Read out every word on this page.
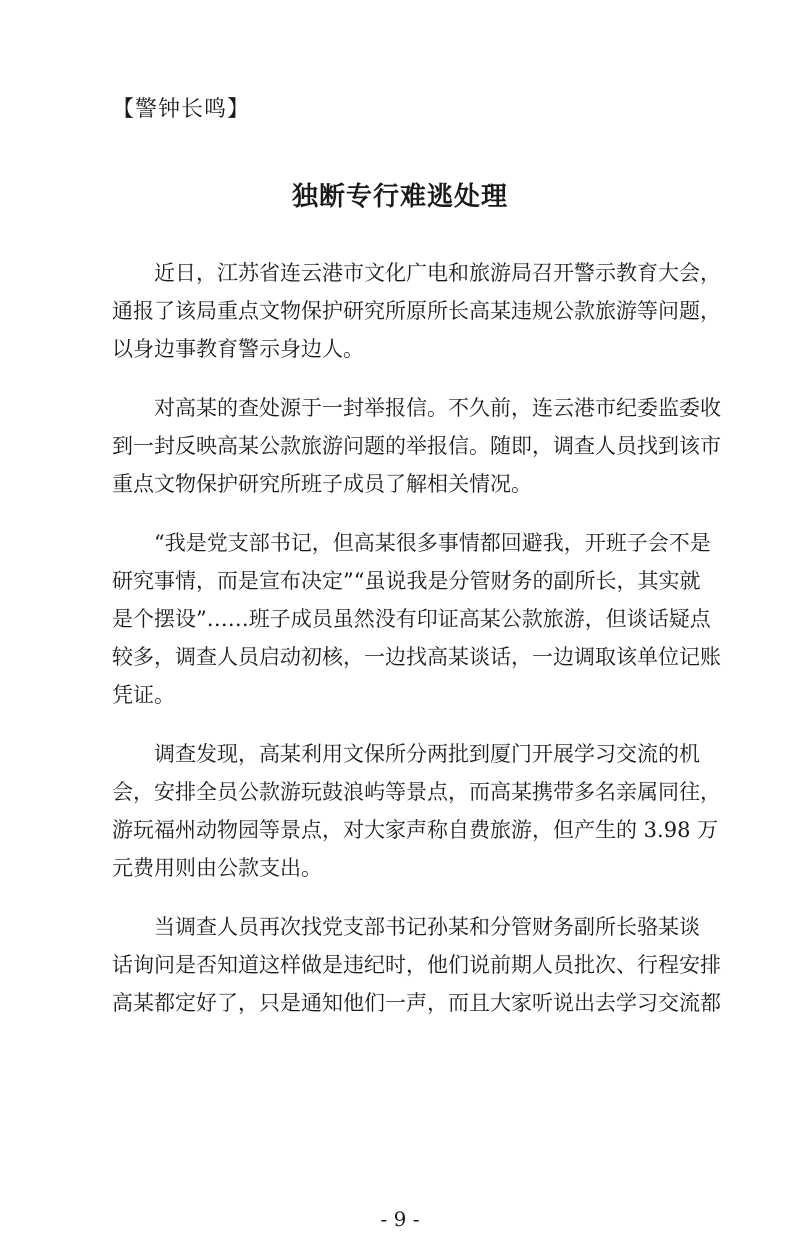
【警钟长鸣】
独断专行难逃处理
近日，江苏省连云港市文化广电和旅游局召开警示教育大会，
通报了该局重点文物保护研究所原所长高某违规公款旅游等问题，
以身边事教育警示身边人。
对高某的查处源于一封举报信。不久前，连云港市纪委监委收
到一封反映高某公款旅游问题的举报信。随即，调查人员找到该市
重点文物保护研究所班子成员了解相关情况。
“我是党支部书记，但高某很多事情都回避我，开班子会不是
研究事情，而是宣布决定”“虽说我是分管财务的副所长，其实就
是个摆设”……班子成员虽然没有印证高某公款旅游，但谈话疑点
较多，调查人员启动初核，一边找高某谈话，一边调取该单位记账
凭证。
调查发现，高某利用文保所分两批到厦门开展学习交流的机
会，安排全员公款游玩鼓浪屿等景点，而高某携带多名亲属同往，
游玩福州动物园等景点，对大家声称自费旅游，但产生的 3.98 万
元费用则由公款支出。
当调查人员再次找党支部书记孙某和分管财务副所长骆某谈
话询问是否知道这样做是违纪时，他们说前期人员批次、行程安排
高某都定好了，只是通知他们一声，而且大家听说出去学习交流都
- 9 -
